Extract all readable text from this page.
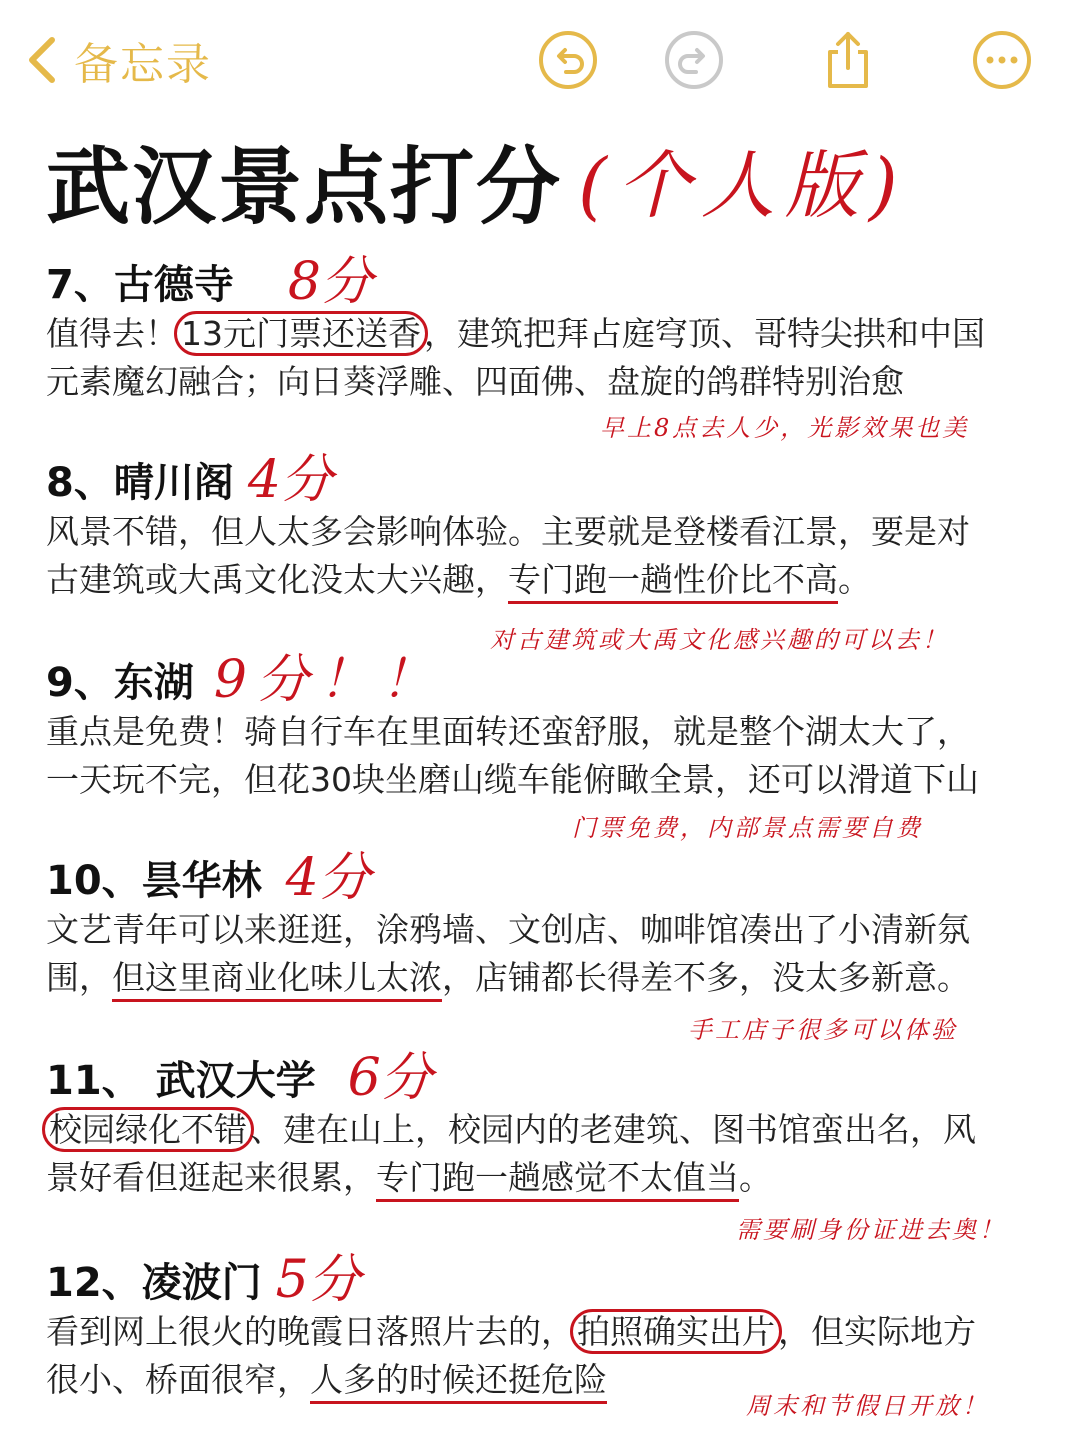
备忘录
武汉景点打分 (个人版)
7、古德寺 8分
值得去！13元门票还送香，建筑把拜占庭穹顶、哥特尖拱和中国
元素魔幻融合；向日葵浮雕、四面佛、盘旋的鸽群特别治愈
早上8点去人少，光影效果也美
8、晴川阁 4分
风景不错，但人太多会影响体验。主要就是登楼看江景，要是对
古建筑或大禹文化没太大兴趣，专门跑一趟性价比不高。
对古建筑或大禹文化感兴趣的可以去！
9、东湖 9分！！
重点是免费！骑自行车在里面转还蛮舒服，就是整个湖太大了，
一天玩不完，但花30块坐磨山缆车能俯瞰全景，还可以滑道下山
门票免费，内部景点需要自费
10、昙华林 4分
文艺青年可以来逛逛，涂鸦墙、文创店、咖啡馆凑出了小清新氛
围，但这里商业化味儿太浓，店铺都长得差不多，没太多新意。
手工店子很多可以体验
11、 武汉大学 6分
校园绿化不错、建在山上，校园内的老建筑、图书馆蛮出名，风
景好看但逛起来很累，专门跑一趟感觉不太值当。
需要刷身份证进去奥！
12、凌波门 5分
看到网上很火的晚霞日落照片去的，拍照确实出片，但实际地方
很小、桥面很窄，人多的时候还挺危险
周末和节假日开放！
